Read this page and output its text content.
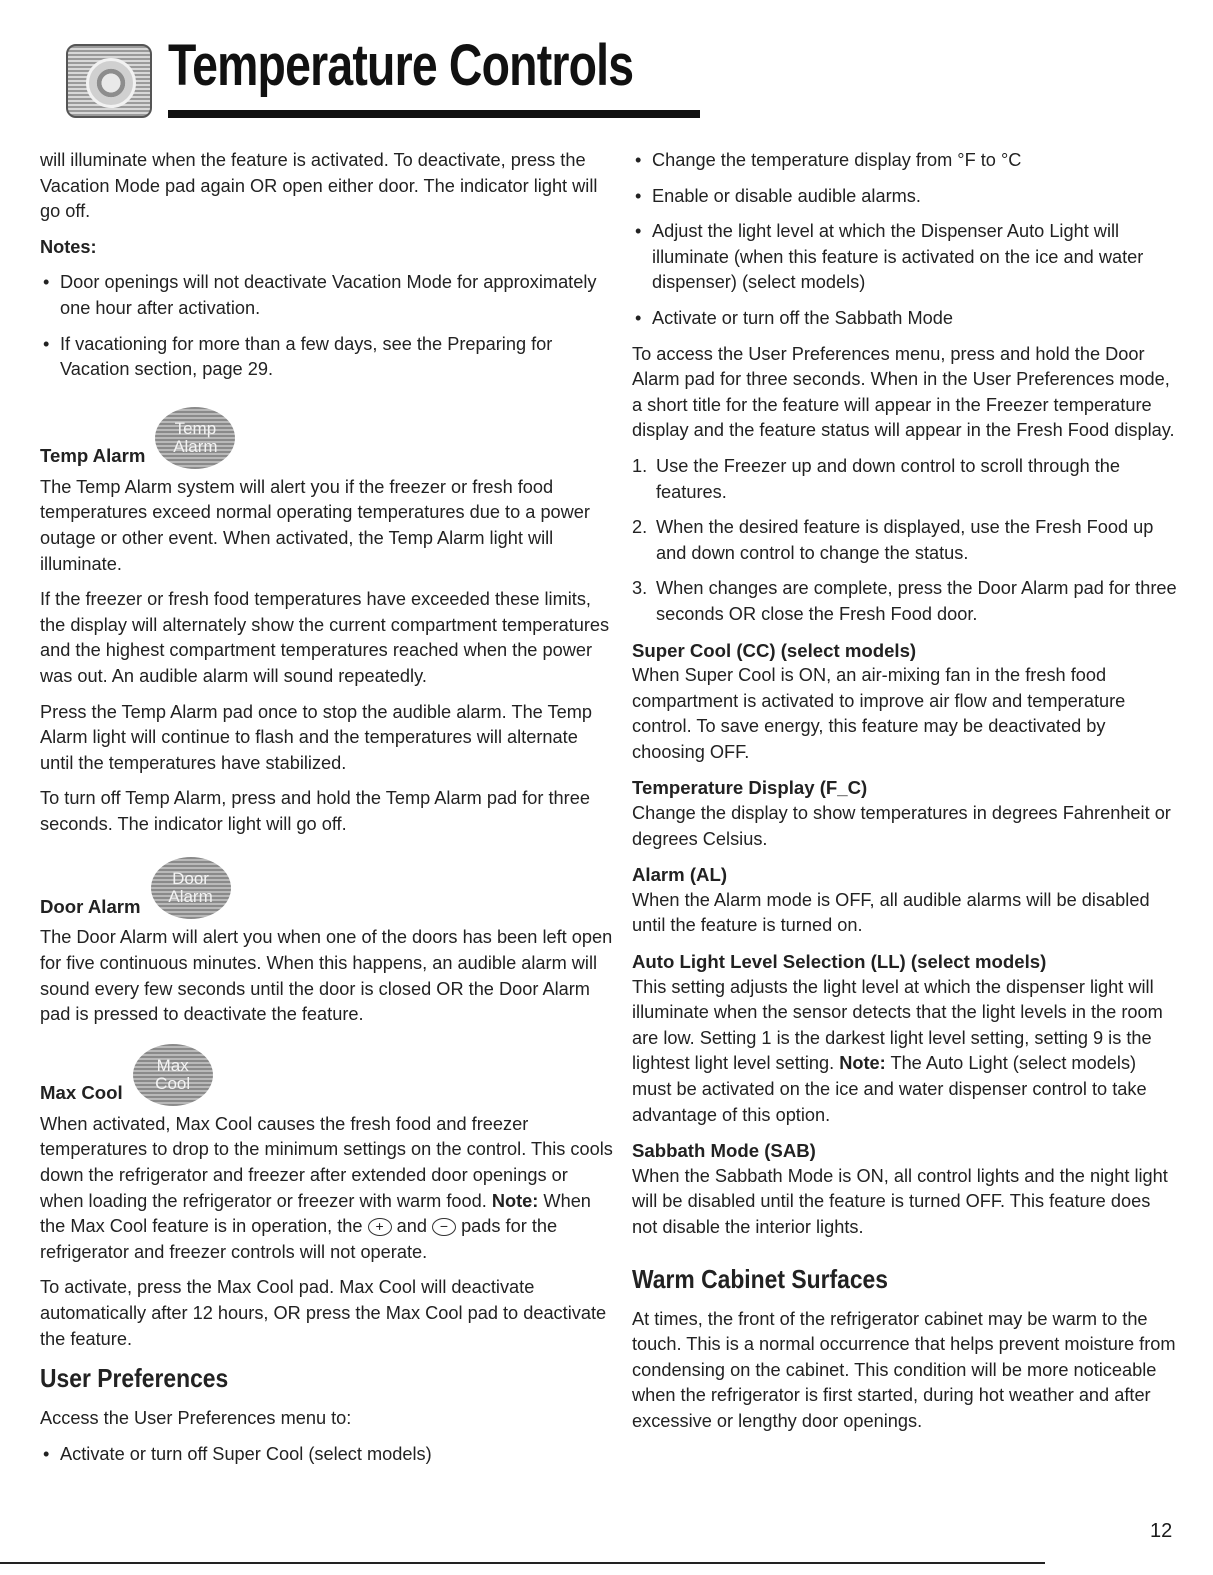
Temperature Controls

will illuminate when the feature is activated. To deactivate, press the Vacation Mode pad again OR open either door. The indicator light will go off.

Notes:
• Door openings will not deactivate Vacation Mode for approximately one hour after activation.
• If vacationing for more than a few days, see the Preparing for Vacation section, page 29.
Temp Alarm
Temp
Alarm

The Temp Alarm system will alert you if the freezer or fresh food temperatures exceed normal operating temperatures due to a power outage or other event. When activated, the Temp Alarm light will illuminate.

If the freezer or fresh food temperatures have exceeded these limits, the display will alternately show the current compartment temperatures and the highest compartment temperatures reached when the power was out. An audible alarm will sound repeatedly.

Press the Temp Alarm pad once to stop the audible alarm. The Temp Alarm light will continue to flash and the temperatures will alternate until the temperatures have stabilized.

To turn off Temp Alarm, press and hold the Temp Alarm pad for three seconds. The indicator light will go off.

Door Alarm
Door
Alarm

The Door Alarm will alert you when one of the doors has been left open for five continuous minutes. When this happens, an audible alarm will sound every few seconds until the door is closed OR the Door Alarm pad is pressed to deactivate the feature.

Max Cool
Max
Cool

When activated, Max Cool causes the fresh food and freezer temperatures to drop to the minimum settings on the control. This cools down the refrigerator and freezer after extended door openings or when loading the refrigerator or freezer with warm food. Note: When the Max Cool feature is in operation, the + and − pads for the refrigerator and freezer controls will not operate.

To activate, press the Max Cool pad. Max Cool will deactivate automatically after 12 hours, OR press the Max Cool pad to deactivate the feature.

User Preferences

Access the User Preferences menu to:

• Activate or turn off Super Cool (select models)
• Change the temperature display from °F to °C
• Enable or disable audible alarms.
• Adjust the light level at which the Dispenser Auto Light will illuminate (when this feature is activated on the ice and water dispenser) (select models)
• Activate or turn off the Sabbath Mode

To access the User Preferences menu, press and hold the Door Alarm pad for three seconds. When in the User Preferences mode, a short title for the feature will appear in the Freezer temperature display and the feature status will appear in the Fresh Food display.

1. Use the Freezer up and down control to scroll through the features.
2. When the desired feature is displayed, use the Fresh Food up and down control to change the status.
3. When changes are complete, press the Door Alarm pad for three seconds OR close the Fresh Food door.
Super Cool (CC) (select models)

When Super Cool is ON, an air-mixing fan in the fresh food compartment is activated to improve air flow and temperature control. To save energy, this feature may be deactivated by choosing OFF.

Temperature Display (F_C)

Change the display to show temperatures in degrees Fahrenheit or degrees Celsius.

Alarm (AL)

When the Alarm mode is OFF, all audible alarms will be disabled until the feature is turned on.

Auto Light Level Selection (LL) (select models)

This setting adjusts the light level at which the dispenser light will illuminate when the sensor detects that the light levels in the room are low. Setting 1 is the darkest light level setting, setting 9 is the lightest light level setting. Note: The Auto Light (select models) must be activated on the ice and water dispenser control to take advantage of this option.

Sabbath Mode (SAB)

When the Sabbath Mode is ON, all control lights and the night light will be disabled until the feature is turned OFF. This feature does not disable the interior lights.

Warm Cabinet Surfaces

At times, the front of the refrigerator cabinet may be warm to the touch. This is a normal occurrence that helps prevent moisture from condensing on the cabinet. This condition will be more noticeable when the refrigerator is first started, during hot weather and after excessive or lengthy door openings.

12
